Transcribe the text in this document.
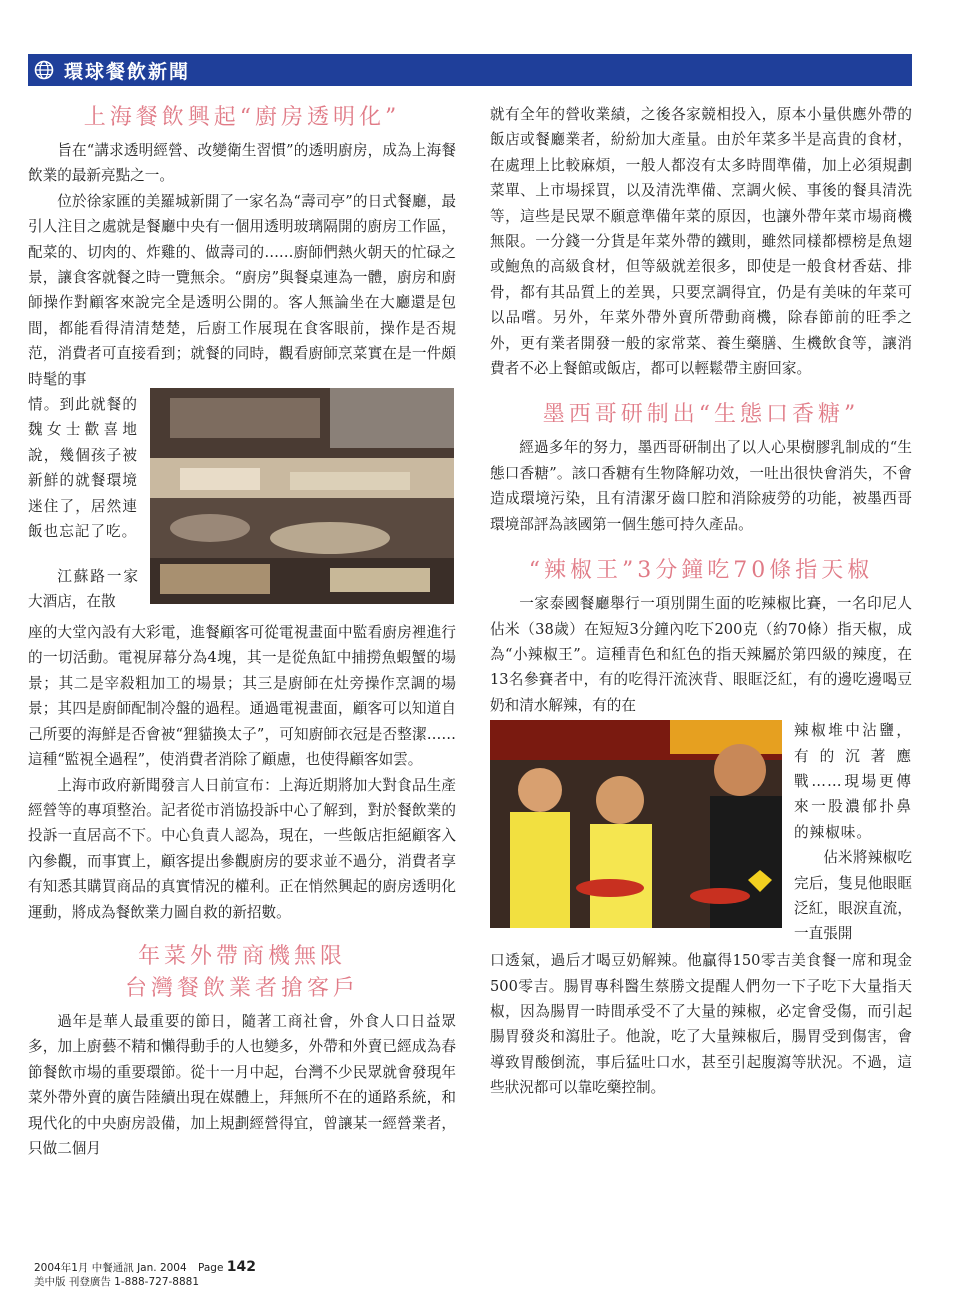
環球餐飲新聞
上海餐飲興起“廚房透明化”

旨在“講求透明經營、改變衛生習慣”的透明廚房，成為上海餐飲業的最新亮點之一。

位於徐家匯的美羅城新開了一家名為“壽司亭”的日式餐廳，最引人注目之處就是餐廳中央有一個用透明玻璃隔開的廚房工作區，配菜的、切肉的、炸雞的、做壽司的……廚師們熱火朝天的忙碌之景，讓食客就餐之時一覽無余。“廚房”與餐桌連為一體，廚房和廚師操作對顧客來說完全是透明公開的。客人無論坐在大廳還是包間，都能看得清清楚楚，后廚工作展現在食客眼前，操作是否規范，消費者可直接看到；就餐的同時，觀看廚師烹菜實在是一件頗時髦的事

情。到此就餐的魏女士歡喜地說，幾個孩子被新鮮的就餐環境迷住了，居然連飯也忘記了吃。

江蘇路一家大酒店，在散

座的大堂內設有大彩電，進餐顧客可從電視畫面中監看廚房裡進行的一切活動。電視屏幕分為4塊，其一是從魚缸中捕撈魚蝦蟹的場景；其二是宰殺粗加工的場景；其三是廚師在灶旁操作烹調的場景；其四是廚師配制冷盤的過程。通過電視畫面，顧客可以知道自己所要的海鮮是否會被“狸貓換太子”，可知廚師衣冠是否整潔……這種“監視全過程”，使消費者消除了顧慮，也使得顧客如雲。

上海市政府新聞發言人日前宣布：上海近期將加大對食品生產經營等的專項整治。記者從市消協投訴中心了解到，對於餐飲業的投訴一直居高不下。中心負責人認為，現在，一些飯店拒絕顧客入內參觀，而事實上，顧客提出參觀廚房的要求並不過分，消費者享有知悉其購買商品的真實情況的權利。正在悄然興起的廚房透明化運動，將成為餐飲業力圖自救的新招數。

年菜外帶商機無限
台灣餐飲業者搶客戶

過年是華人最重要的節日，隨著工商社會，外食人口日益眾多，加上廚藝不精和懶得動手的人也變多，外帶和外賣已經成為春節餐飲市場的重要環節。從十一月中起，台灣不少民眾就會發現年菜外帶外賣的廣告陸續出現在媒體上，拜無所不在的通路系統，和現代化的中央廚房設備，加上規劃經營得宜，曾讓某一經營業者，只做二個月

就有全年的營收業績，之後各家競相投入，原本小量供應外帶的飯店或餐廳業者，紛紛加大產量。由於年菜多半是高貴的食材，在處理上比較麻煩，一般人都沒有太多時間準備，加上必須規劃菜單、上市場採買，以及清洗準備、烹調火候、事後的餐具清洗等，這些是民眾不願意準備年菜的原因，也讓外帶年菜市場商機無限。一分錢一分貨是年菜外帶的鐵則，雖然同樣都標榜是魚翅或鮑魚的高級食材，但等級就差很多，即使是一般食材香菇、排骨，都有其品質上的差異，只要烹調得宜，仍是有美味的年菜可以品嚐。另外，年菜外帶外賣所帶動商機，除春節前的旺季之外，更有業者開發一般的家常菜、養生藥膳、生機飲食等，讓消費者不必上餐館或飯店，都可以輕鬆帶主廚回家。

墨西哥研制出“生態口香糖”

經過多年的努力，墨西哥研制出了以人心果樹膠乳制成的“生態口香糖”。該口香糖有生物降解功效，一吐出很快會消失，不會造成環境污染，且有清潔牙齒口腔和消除疲勞的功能，被墨西哥環境部評為該國第一個生態可持久產品。

“辣椒王”3分鐘吃70條指天椒

一家泰國餐廳舉行一項別開生面的吃辣椒比賽，一名印尼人佔米（38歲）在短短3分鐘內吃下200克（約70條）指天椒，成為“小辣椒王”。這種青色和紅色的指天辣屬於第四級的辣度，在13名參賽者中，有的吃得汗流浹背、眼眶泛紅，有的邊吃邊喝豆奶和清水解辣，有的在

辣椒堆中沾鹽，有的沉著應戰……現場更傳來一股濃郁扑鼻的辣椒味。

佔米將辣椒吃完后，隻見他眼眶泛紅，眼淚直流，一直張開

口透氣，過后才喝豆奶解辣。他贏得150零吉美食餐一席和現金500零吉。腸胃專科醫生蔡勝文提醒人們勿一下子吃下大量指天椒，因為腸胃一時間承受不了大量的辣椒，必定會受傷，而引起腸胃發炎和瀉肚子。他說，吃了大量辣椒后，腸胃受到傷害，會導致胃酸倒流，事后猛吐口水，甚至引起腹瀉等狀況。不過，這些狀況都可以靠吃藥控制。

2004年1月 中餐通訊 Jan. 2004 Page 142
美中版 刊登廣告 1-888-727-8881
